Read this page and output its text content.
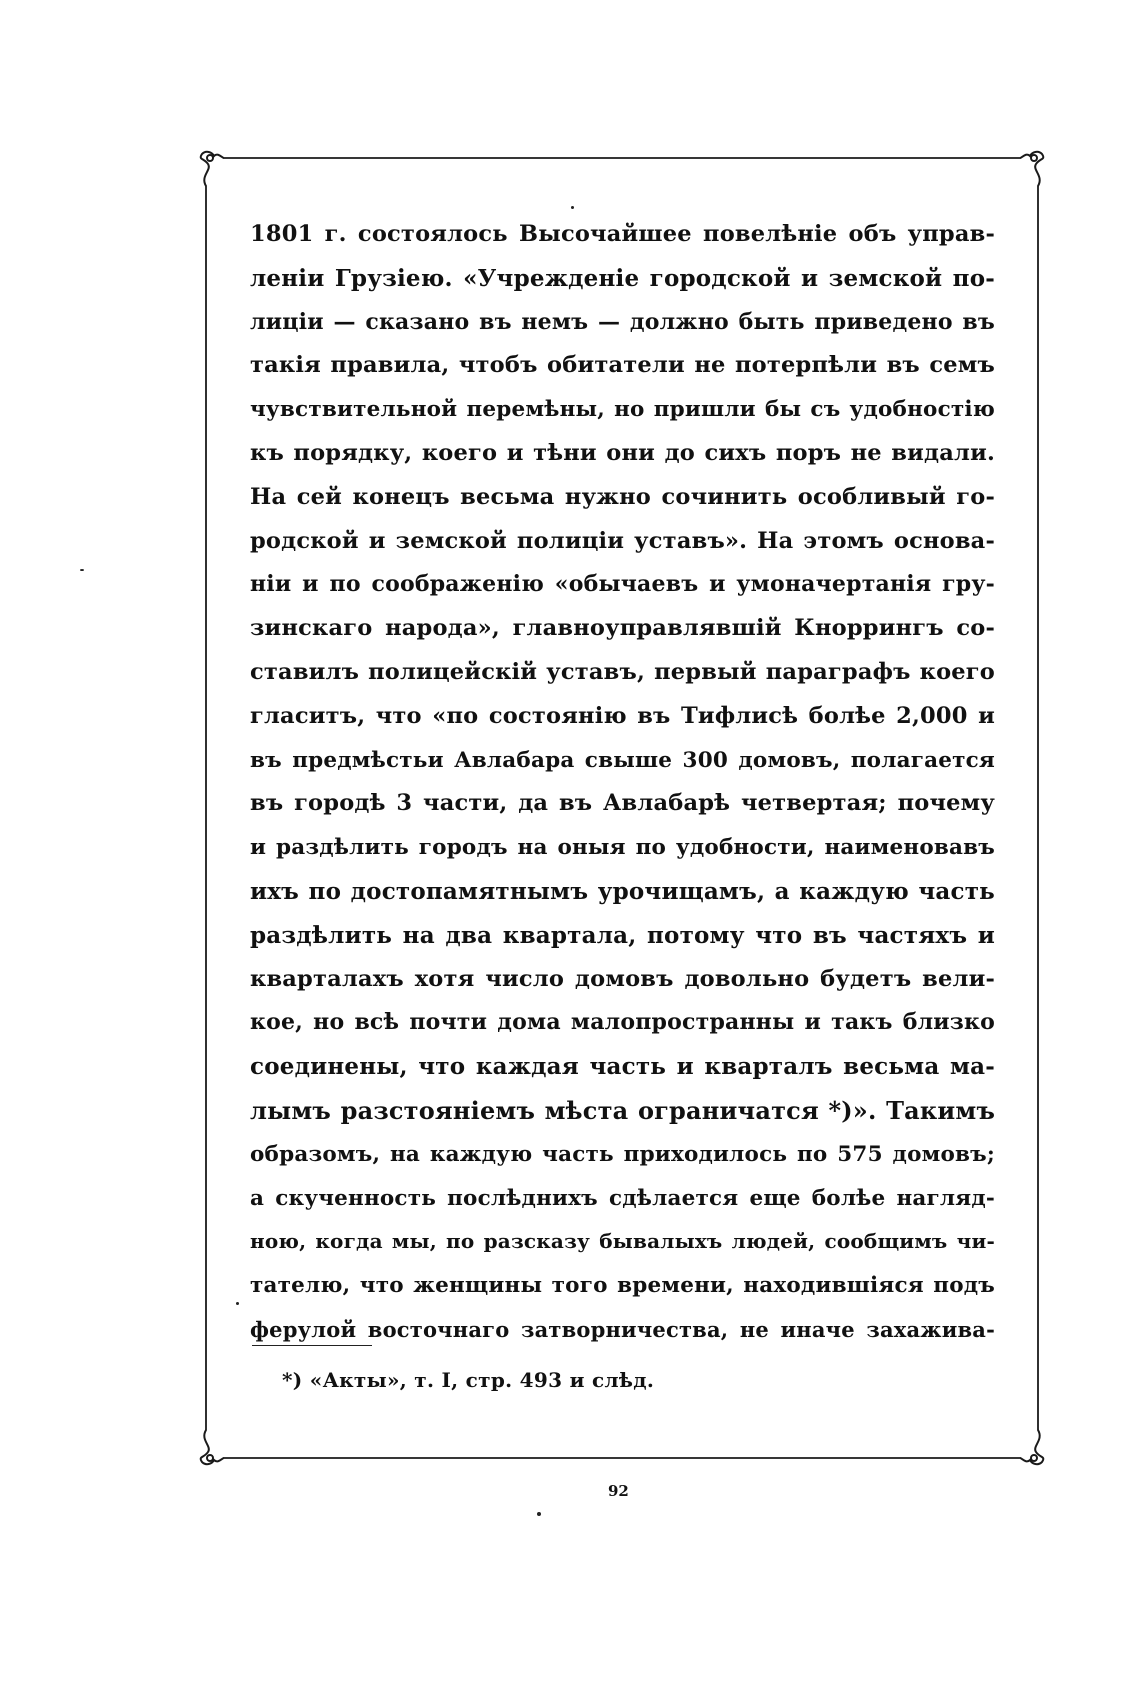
1801 г. состоялось Высочайшее повелѣніе объ управ-
леніи Грузіею. «Учрежденіе городской и земской по-
лиціи — сказано въ немъ — должно быть приведено въ
такія правила, чтобъ обитатели не потерпѣли въ семъ
чувствительной перемѣны, но пришли бы съ удобностію
къ порядку, коего и тѣни они до сихъ поръ не видали.
На сей конецъ весьма нужно сочинить особливый го-
родской и земской полиціи уставъ». На этомъ основа-
ніи и по соображенію «обычаевъ и умоначертанія гру-
зинскаго народа», главноуправлявшій Кноррингъ со-
ставилъ полицейскій уставъ, первый параграфъ коего
гласитъ, что «по состоянію въ Тифлисѣ болѣе 2,000 и
въ предмѣстьи Авлабара свыше 300 домовъ, полагается
въ городѣ 3 части, да въ Авлабарѣ четвертая; почему
и раздѣлить городъ на оныя по удобности, наименовавъ
ихъ по достопамятнымъ урочищамъ, а каждую часть
раздѣлить на два квартала, потому что въ частяхъ и
кварталахъ хотя число домовъ довольно будетъ вели-
кое, но всѣ почти дома малопространны и такъ близко
соединены, что каждая часть и кварталъ весьма ма-
лымъ разстояніемъ мѣста ограничатся *)». Такимъ
образомъ, на каждую часть приходилось по 575 домовъ;
а скученность послѣднихъ сдѣлается еще болѣе нагляд-
ною, когда мы, по разсказу бывалыхъ людей, сообщимъ чи-
тателю, что женщины того времени, находившіяся подъ
ферулой восточнаго затворничества, не иначе захажива-
*) «Акты», т. I, стр. 493 и слѣд.
92
